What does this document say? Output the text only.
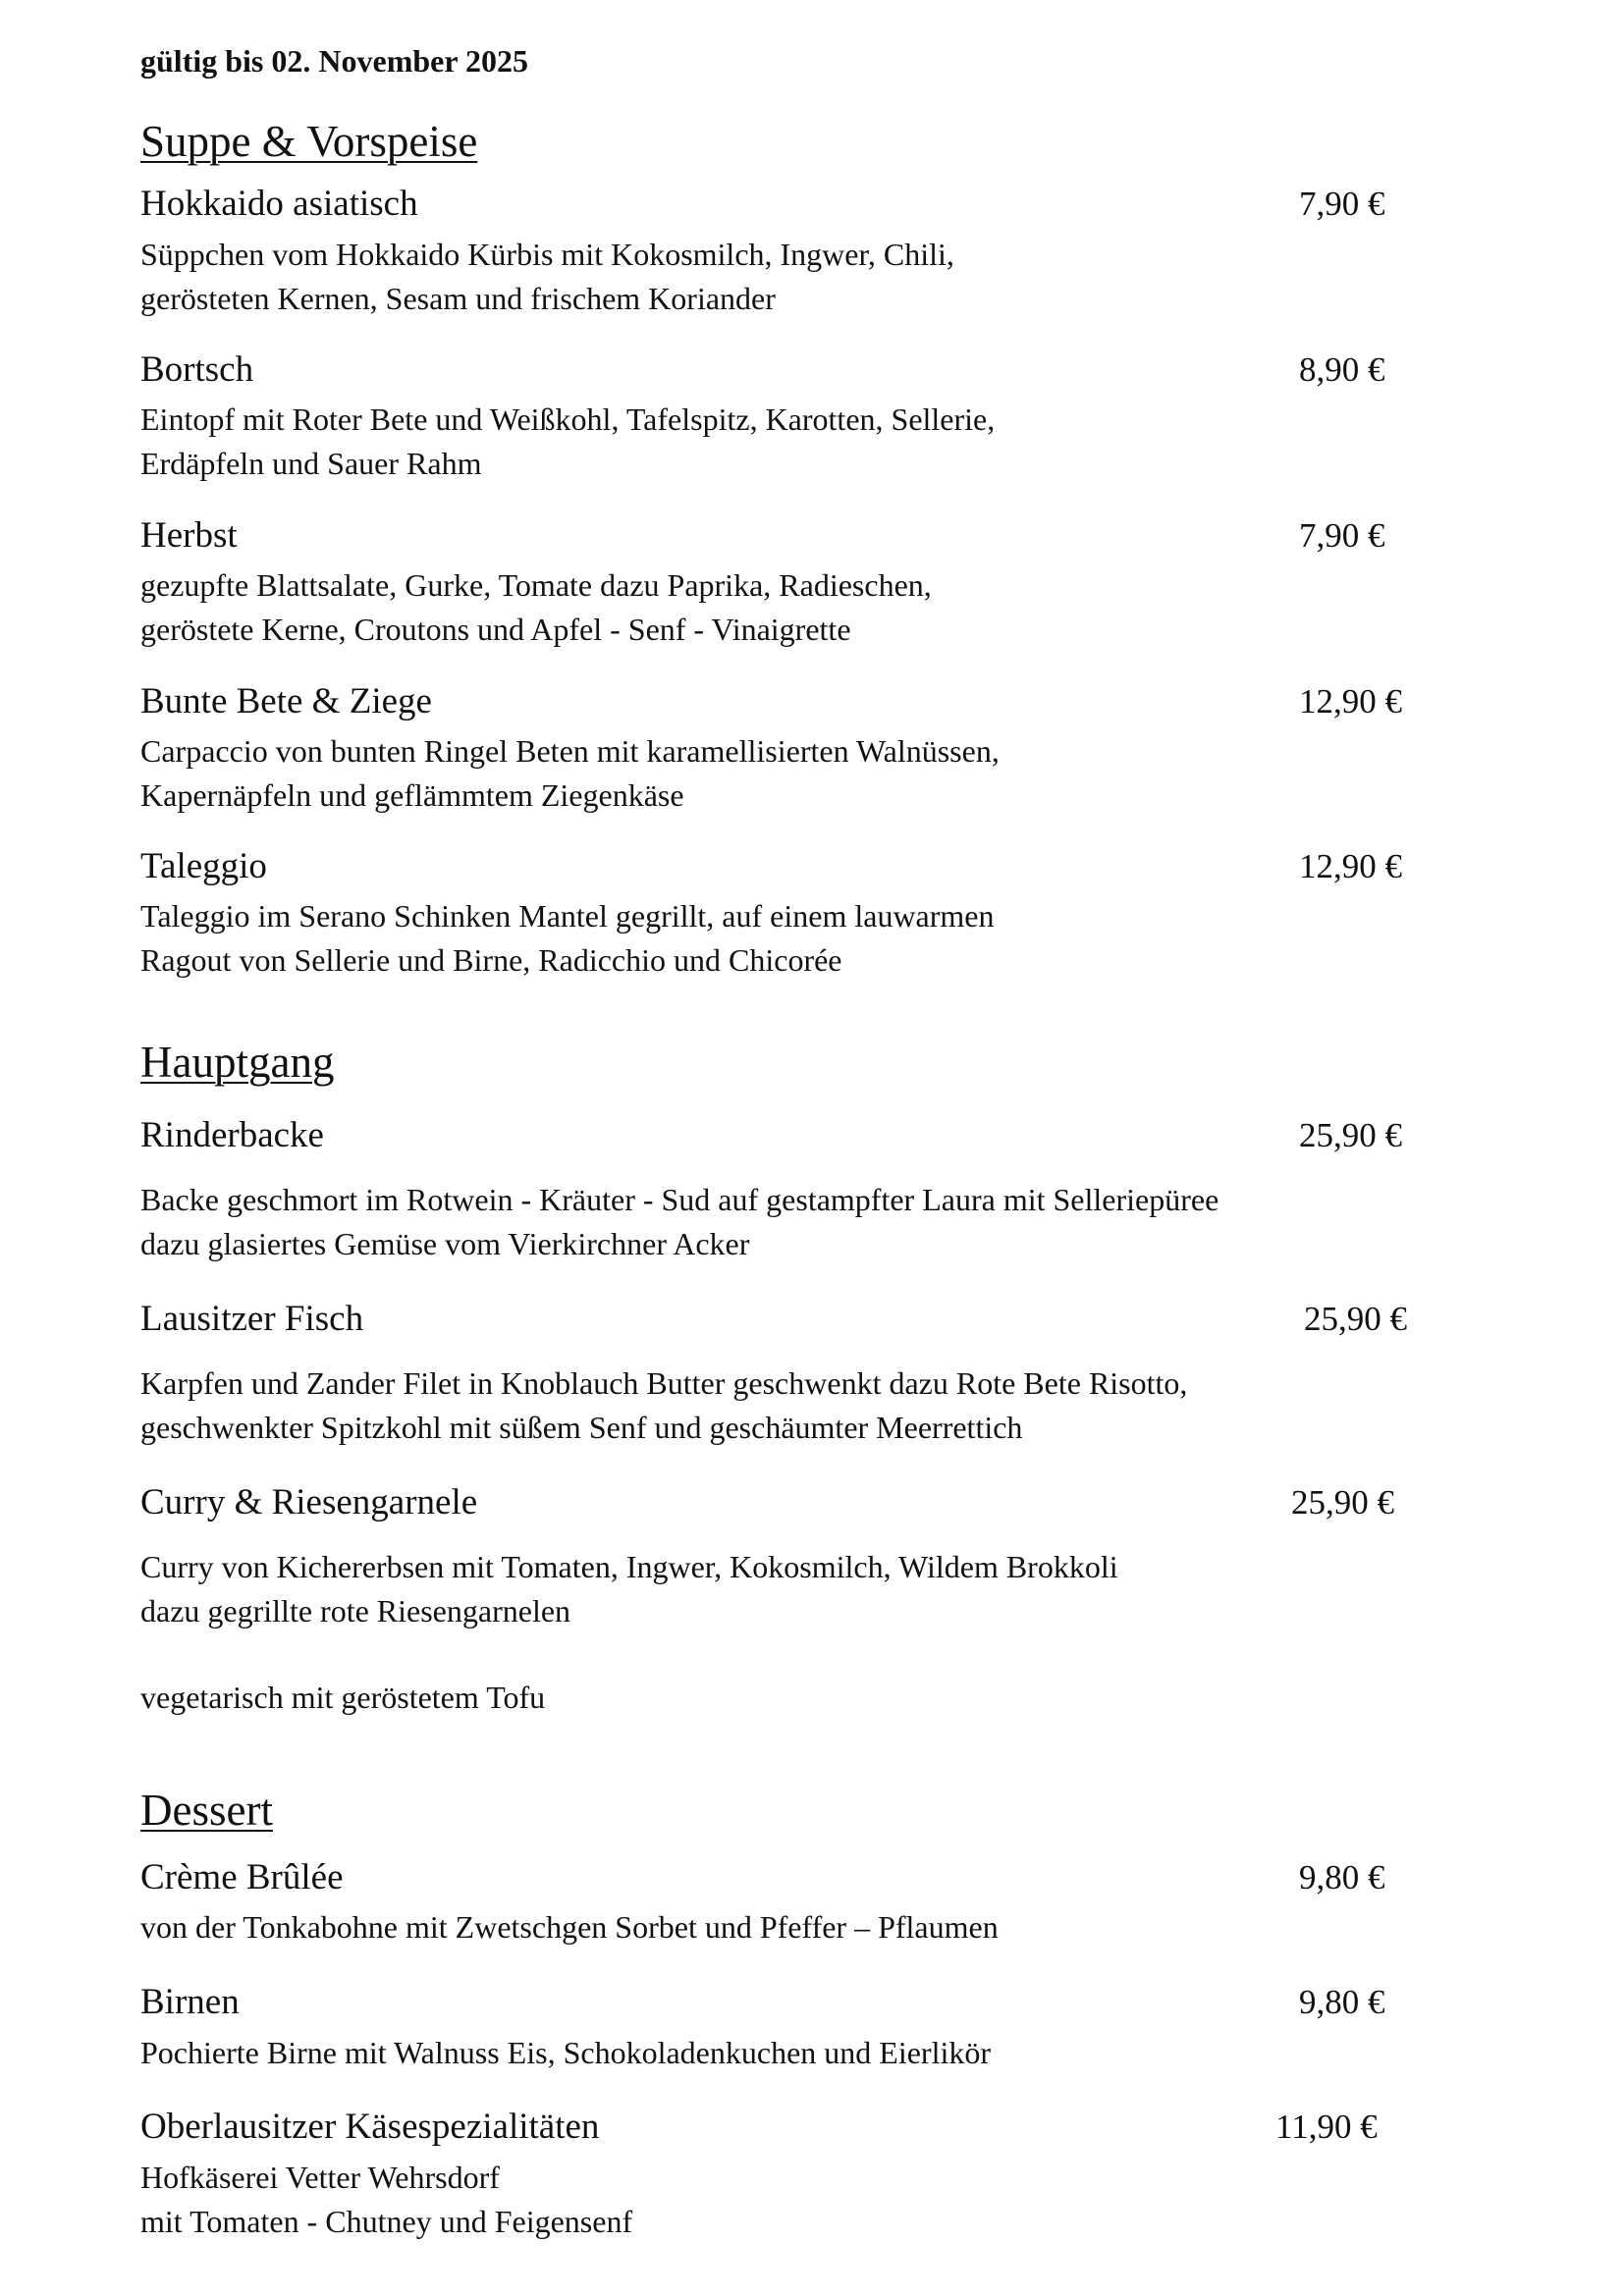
gültig bis 02. November 2025
Suppe & Vorspeise
Hokkaido asiatisch	7,90 €
Süppchen vom Hokkaido Kürbis mit Kokosmilch, Ingwer, Chili,
gerösteten Kernen, Sesam und frischem Koriander
Bortsch	8,90 €
Eintopf mit Roter Bete und Weißkohl, Tafelspitz, Karotten, Sellerie,
Erdäpfeln und Sauer Rahm
Herbst	7,90 €
gezupfte Blattsalate, Gurke, Tomate dazu Paprika, Radieschen,
geröstete Kerne, Croutons und Apfel - Senf - Vinaigrette
Bunte Bete & Ziege	12,90 €
Carpaccio von bunten Ringel Beten mit karamellisierten Walnüssen,
Kapernäpfeln und geflämmtem Ziegenkäse
Taleggio	12,90 €
Taleggio im Serano Schinken Mantel gegrillt, auf einem lauwarmen
Ragout von Sellerie und Birne, Radicchio und Chicorée
Hauptgang
Rinderbacke	25,90 €
Backe geschmort im Rotwein - Kräuter - Sud auf gestampfter Laura mit Selleriepüree
dazu glasiertes Gemüse vom Vierkirchner Acker
Lausitzer Fisch	25,90 €
Karpfen und Zander Filet in Knoblauch Butter geschwenkt dazu Rote Bete Risotto,
geschwenkter Spitzkohl mit süßem Senf und geschäumter Meerrettich
Curry & Riesengarnele	25,90 €
Curry von Kichererbsen mit Tomaten, Ingwer, Kokosmilch, Wildem Brokkoli
dazu gegrillte rote Riesengarnelen
vegetarisch mit geröstetem Tofu
Dessert
Crème Brûlée	9,80 €
von der Tonkabohne mit Zwetschgen Sorbet und Pfeffer – Pflaumen
Birnen	9,80 €
Pochierte Birne mit Walnuss Eis, Schokoladenkuchen und Eierlikör
Oberlausitzer Käsespezialitäten	11,90 €
Hofkäserei Vetter Wehrsdorf
mit Tomaten - Chutney und Feigensenf
